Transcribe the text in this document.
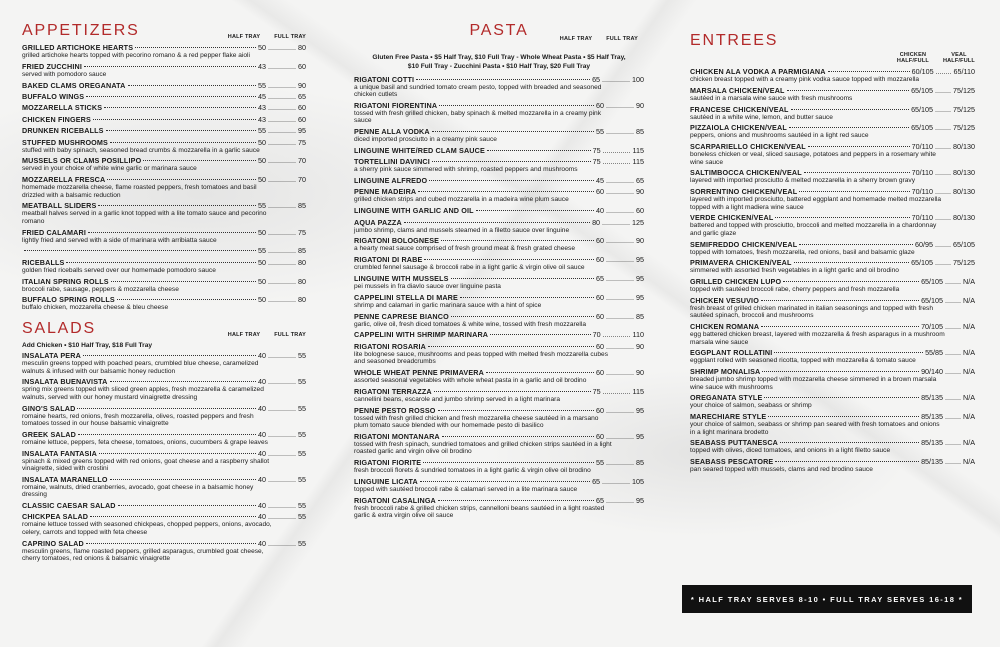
APPETIZERS	HALF TRAY	FULL TRAY
GRILLED ARTICHOKE HEARTS	50 .............. 80
grilled artichoke hearts topped with pecorino romano & a red pepper flake aioli
FRIED ZUCCHINI	43 .............. 60
served with pomodoro sauce
BAKED CLAMS OREGANATA	55 .............. 90
BUFFALO WINGS	45 .............. 65
MOZZARELLA STICKS	43 .............. 60
CHICKEN FINGERS	43 .............. 60
DRUNKEN RICEBALLS	55 .............. 95
STUFFED MUSHROOMS	50 .............. 75
stuffed with baby spinach, seasoned bread crumbs & mozzarella in a garlic sauce
MUSSELS OR CLAMS POSILLIPO	50 .............. 70
served in your choice of white wine garlic or marinara sauce
MOZZARELLA FRESCA	50 .............. 70
homemade mozzarella cheese, flame roasted peppers, fresh tomatoes and basil drizzled with a balsamic reduction
MEATBALL SLIDERS	55 .............. 85
meatball halves served in a garlic knot topped with a lite tomato sauce and pecorino romano
FRIED CALAMARI	50 .............. 75
lightly fried and served with a side of marinara with arribiatta sauce
55 .............. 85
RICEBALLS	50 .............. 80
golden fried riceballs served over our homemade pomodoro sauce
ITALIAN SPRING ROLLS	50 .............. 80
broccoli rabe, sausage, peppers & mozzarella cheese
BUFFALO SPRING ROLLS	50 .............. 80
buffalo chicken, mozzarella cheese & bleu cheese
SALADS	HALF TRAY	FULL TRAY
Add Chicken • $10 Half Tray, $18 Full Tray
INSALATA PERA	40 .............. 55
mesculin greens topped with poached pears, crumbled blue cheese, caramelized walnuts & infused with our balsamic honey reduction
INSALATA BUENAVISTA	40 .............. 55
spring mix greens topped with sliced green apples, fresh mozzarella & caramelized walnuts, served with our honey mustard vinaigrette dressing
GINO'S SALAD	40 .............. 55
romaine hearts, red onions, fresh mozzarella, olives, roasted peppers and fresh tomatoes tossed in our house balsamic vinaigrette
GREEK SALAD	40 .............. 55
romaine lettuce, peppers, feta cheese, tomatoes, onions, cucumbers & grape leaves
INSALATA FANTASIA	40 .............. 55
spinach & mixed greens topped with red onions, goat cheese and a raspberry shallot vinaigrette, sided with crostini
INSALATA MARANELLO	40 .............. 55
romaine, walnuts, dried cranberries, avocado, goat cheese in a balsamic honey dressing
CLASSIC CAESAR SALAD	40 .............. 55
CHICKPEA SALAD	40 .............. 55
romaine lettuce tossed with seasoned chickpeas, chopped peppers, onions, avocado, celery, carrots and topped with feta cheese
CAPRINO SALAD	40 .............. 55
mesculin greens, flame roasted peppers, grilled asparagus, crumbled goat cheese, cherry tomatoes, red onions & balsamic vinaigrette
PASTA	HALF TRAY	FULL TRAY
Gluten Free Pasta • $5 Half Tray, $10 Full Tray - Whole Wheat Pasta • $5 Half Tray,
$10 Full Tray - Zucchini Pasta • $10 Half Tray, $20 Full Tray
RIGATONI COTTI	65 .............. 100
a unique basil and sundried tomato cream pesto, topped with breaded and seasoned chicken cutlets
RIGATONI FIORENTINA	60 .............. 90
tossed with fresh grilled chicken, baby spinach & melted mozzarella in a creamy pink sauce
PENNE ALLA VODKA	55 .............. 85
diced imported prosciutto in a creamy pink sauce
LINGUINE WHITE/RED CLAM SAUCE	75 .............. 115
TORTELLINI DAVINCI	75 .............. 115
a sherry pink sauce simmered with shrimp, roasted peppers and mushrooms
LINGUINE ALFREDO	45 .............. 65
PENNE MADEIRA	60 .............. 90
grilled chicken strips and cubed mozzarella in a madeira wine plum sauce
LINGUINE WITH GARLIC AND OIL	40 .............. 60
AQUA PAZZA	80 .............. 125
jumbo shrimp, clams and mussels steamed in a filetto sauce over linguine
RIGATONI BOLOGNESE	60 .............. 90
a hearty meat sauce comprised of fresh ground meat & fresh grated cheese
RIGATONI DI RABE	60 .............. 95
crumbled fennel sausage & broccoli rabe in a light garlic & virgin olive oil sauce
LINGUINE WITH MUSSELS	65 .............. 95
pei mussels in fra diavlo sauce over linguine pasta
CAPPELINI STELLA DI MARE	60 .............. 95
shrimp and calamari in garlic marinara sauce with a hint of spice
PENNE CAPRESE BIANCO	60 .............. 85
garlic, olive oil, fresh diced tomatoes & white wine, tossed with fresh mozzarella
CAPPELINI WITH SHRIMP MARINARA	70 .............. 110
RIGATONI ROSARIA	60 .............. 90
lite bolognese sauce, mushrooms and peas topped with melted fresh mozzarella cubes and seasoned breadcrumbs
WHOLE WHEAT PENNE PRIMAVERA	60 .............. 90
assorted seasonal vegetables with whole wheat pasta in a garlic and oil brodino
RIGATONI TERRAZZA	75 .............. 115
cannellini beans, escarole and jumbo shrimp served in a light marinara
PENNE PESTO ROSSO	60 .............. 95
tossed with fresh grilled chicken and fresh mozzarella cheese sautéed in a marsano plum tomato sauce blended with our homemade pesto di basilico
RIGATONI MONTANARA	60 .............. 95
tossed with fresh spinach, sundried tomatoes and grilled chicken strips sautéed in a light roasted garlic and virgin olive oil brodino
RIGATONI FIORITE	55 .............. 85
fresh broccoli florets & sundried tomatoes in a light garlic & virgin olive oil brodino
LINGUINE LICATA	65 .............. 105
topped with sautéed broccoli rabe & calamari served in a lite marinara sauce
RIGATONI CASALINGA	65 .............. 95
fresh broccoli rabe & grilled chicken strips, cannelloni beans sautéed in a light roasted garlic & extra virgin olive oil sauce
ENTREES
CHICKEN
HALF/FULL
VEAL
HALF/FULL
CHICKEN ALA VODKA A PARMIGIANA	60/105 ........ 65/110
chicken breast topped with a creamy pink vodka sauce topped with mozzarella
MARSALA CHICKEN/VEAL	65/105 ........ 75/125
sautéed in a marsala wine sauce with fresh mushrooms
FRANCESE CHICKEN/VEAL	65/105 ........ 75/125
sautéed in a white wine, lemon, and butter sauce
PIZZAIOLA CHICKEN/VEAL	65/105 ........ 75/125
peppers, onions and mushrooms sautéed in a light red sauce
SCARPARIELLO CHICKEN/VEAL	70/110 ........ 80/130
boneless chicken or veal, sliced sausage, potatoes and peppers in a rosemary white wine sauce
SALTIMBOCCA CHICKEN/VEAL	70/110 ........ 80/130
layered with imported prosciutto & melted mozzarella in a sherry brown gravy
SORRENTINO CHICKEN/VEAL	70/110 ........ 80/130
layered with imported prosciutto, battered eggplant and homemade melted mozzarella topped with a light madiera wine sauce
VERDE CHICKEN/VEAL	70/110 ........ 80/130
battered and topped with prosciutto, broccoli and melted mozzarella in a chardonnay and garlic glaze
SEMIFREDDO CHICKEN/VEAL	60/95 ........ 65/105
topped with tomatoes, fresh mozzarella, red onions, basil and balsamic glaze
PRIMAVERA CHICKEN/VEAL	65/105 ........ 75/125
simmered with assorted fresh vegetables in a light garlic and oil brodino
GRILLED CHICKEN LUPO	65/105 ........ N/A
topped with sautéed broccoli rabe, cherry peppers and fresh mozzarella
CHICKEN VESUVIO	65/105 ........ N/A
fresh breast of grilled chicken marinated in italian seasonings and topped with fresh sautéed spinach, broccoli and mushrooms
CHICKEN ROMANA	70/105 ........ N/A
egg battered chicken breast, layered with mozzarella & fresh asparagus in a mushroom marsala wine sauce
EGGPLANT ROLLATINI	55/85 ........ N/A
eggplant rolled with seasoned ricotta, topped with mozzarella & tomato sauce
SHRIMP MONALISA	90/140 ........ N/A
breaded jumbo shrimp topped with mozzarella cheese simmered in a brown marsala wine sauce with mushrooms
OREGANATA STYLE	85/135 ........ N/A
your choice of salmon, seabass or shrimp
MARECHIARE STYLE	85/135 ........ N/A
your choice of salmon, seabass or shrimp pan seared with fresh tomatoes and onions in a light marinara brodetto
SEABASS PUTTANESCA	85/135 ........ N/A
topped with olives, diced tomatoes, and onions in a light filetto sauce
SEABASS PESCATORE	85/135 ........ N/A
pan seared topped with mussels, clams and red brodino sauce
* HALF TRAY SERVES 8-10 • FULL TRAY SERVES 16-18 *
